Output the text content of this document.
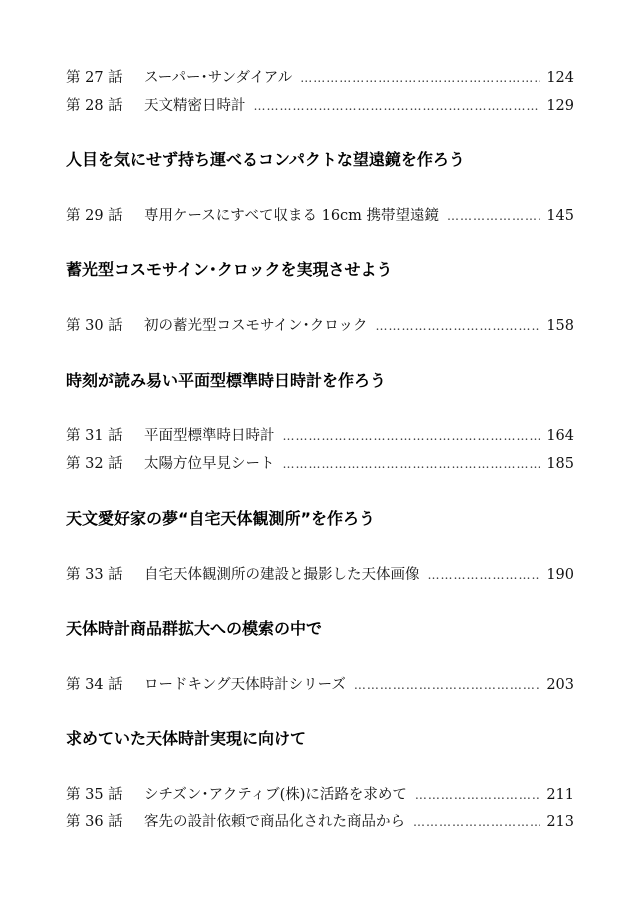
第 27 話	スーパー･サンダイアル …………………………………………………………………………………………………………	124
第 28 話	天文精密日時計 …………………………………………………………………………………………………………	129
人目を気にせず持ち運べるコンパクトな望遠鏡を作ろう
第 29 話	専用ケースにすべて収まる 16cm 携帯望遠鏡 …………………………………………………………………………………………………………	145
蓄光型コスモサイン･クロックを実現させよう
第 30 話	初の蓄光型コスモサイン･クロック …………………………………………………………………………………………………………	158
時刻が読み易い平面型標準時日時計を作ろう
第 31 話	平面型標準時日時計 …………………………………………………………………………………………………………	164
第 32 話	太陽方位早見シート …………………………………………………………………………………………………………	185
天文愛好家の夢“自宅天体観測所”を作ろう
第 33 話	自宅天体観測所の建設と撮影した天体画像 …………………………………………………………………………………………………………	190
天体時計商品群拡大への模索の中で
第 34 話	ロードキング天体時計シリーズ …………………………………………………………………………………………………………	203
求めていた天体時計実現に向けて
第 35 話	シチズン･アクティブ(株)に活路を求めて …………………………………………………………………………………………………………	211
第 36 話	客先の設計依頼で商品化された商品から …………………………………………………………………………………………………………	213
